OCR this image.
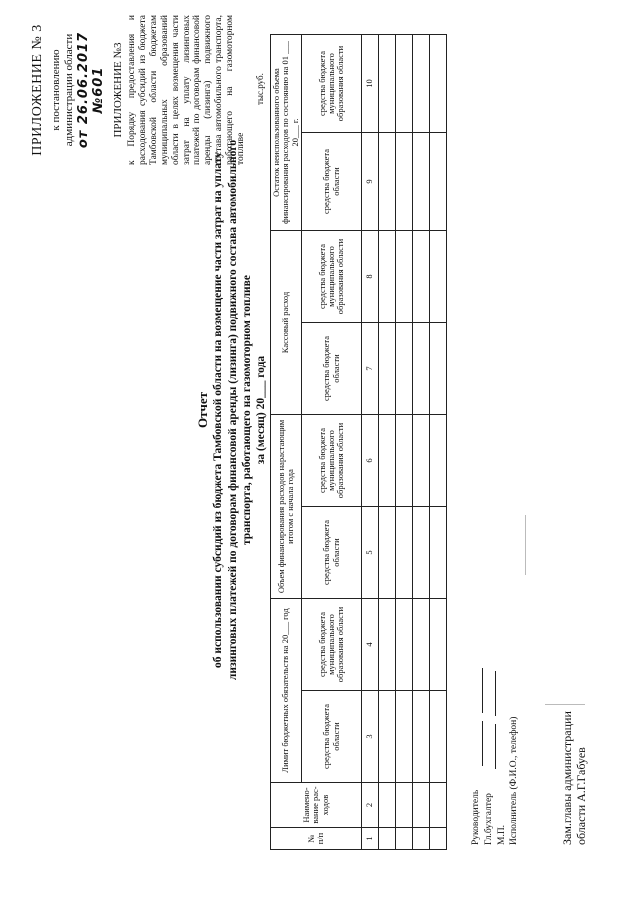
ПРИЛОЖЕНИЕ № 3 к постановлению администрации области от 26.06.2017 №601 ПРИЛОЖЕНИЕ №3 к Порядку предоставления и расходования субсидий из бюджета Тамбовской области бюджетам муниципальных образований области в целях возмещения части затрат на уплату лизинговых платежей по договорам финансовой аренды (лизинга) подвижного состава автомобильного транспорта, работающего на газомоторном топливе
Отчет об использовании субсидий из бюджета Тамбовской области на возмещение части затрат на уплату лизинговых платежей по договорам финансовой аренды (лизинга) подвижного состава автомобильного транспорта, работающего на газомоторном топливе за (месяц) 20___ года
тыс.руб.
№ п/п	Наимено-вание рас-ходов	Лимит бюджетных обязательств на 20___ год		Объем финансирования расходов нарастающим итогом с начала года		Кассовый расход		Остаток неиспользованного объема финансирования расходов по состоянию на 01 ___ 20___ г.	
		средства бюджета области	средства бюджета муниципального образования области	средства бюджета области	средства бюджета муниципального образования области	средства бюджета области	средства бюджета муниципального образования области	средства бюджета области	средства бюджета муниципального образования области
1	2	3	4	5	6	7	8	9	10

Руководитель Гл.бухгалтер М.П. Исполнитель (Ф.И.О., телефон)	Зам.главы администрации области А.Г.Габуев
